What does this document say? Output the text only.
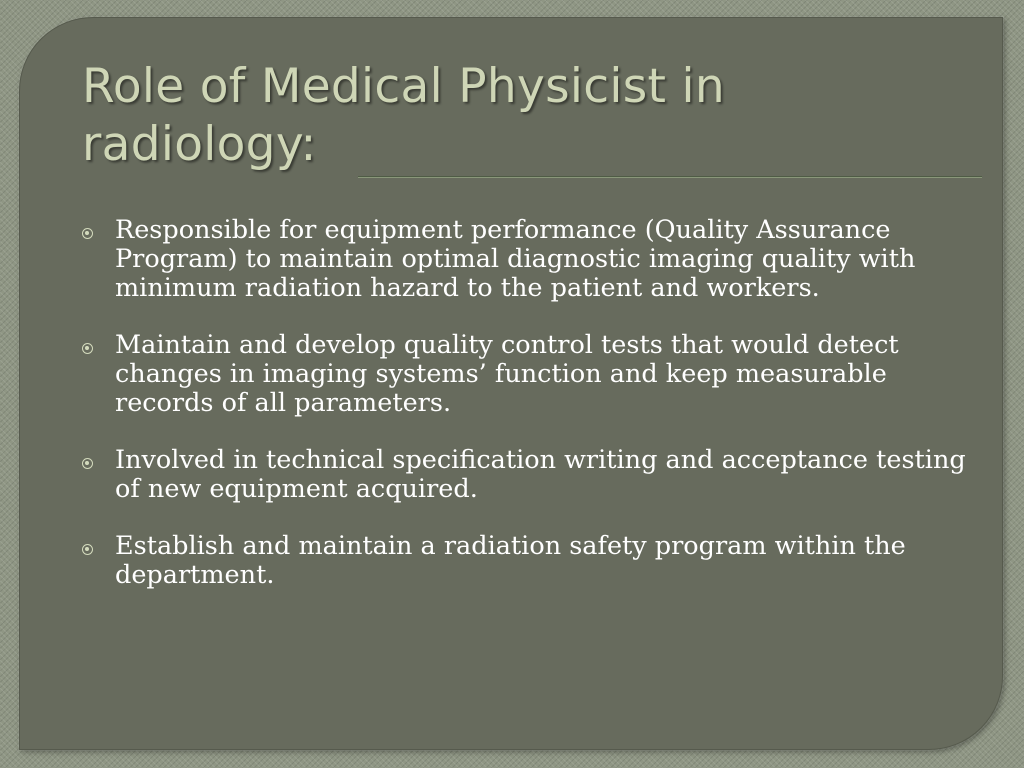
Role of Medical Physicist in radiology:
Responsible for equipment performance (Quality Assurance Program) to maintain optimal diagnostic imaging quality with minimum radiation hazard to the patient and workers.
Maintain and develop quality control tests that would detect changes in imaging systems’ function and keep measurable records of all parameters.
Involved in technical specification writing and acceptance testing of new equipment acquired.
Establish and maintain a radiation safety program within the department.
